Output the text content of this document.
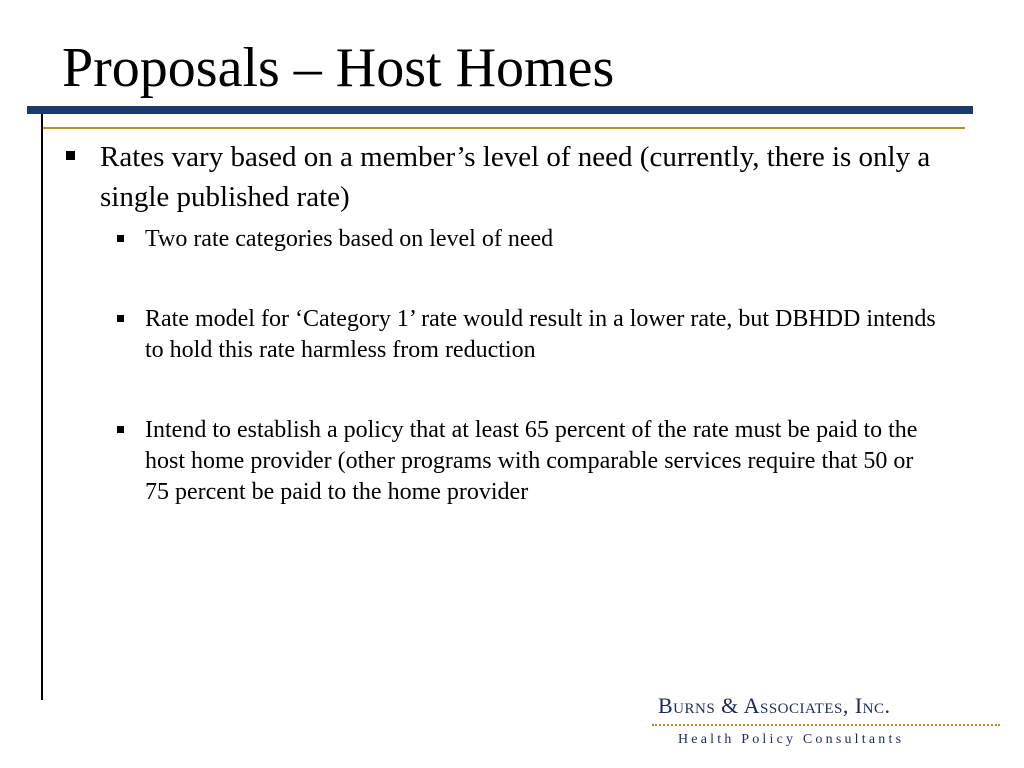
Proposals – Host Homes
Rates vary based on a member’s level of need (currently, there is only a single published rate)
Two rate categories based on level of need
Rate model for ‘Category 1’ rate would result in a lower rate, but DBHDD intends to hold this rate harmless from reduction
Intend to establish a policy that at least 65 percent of the rate must be paid to the host home provider (other programs with comparable services require that 50 or 75 percent be paid to the home provider
Burns & Associates, Inc.
Health Policy Consultants
